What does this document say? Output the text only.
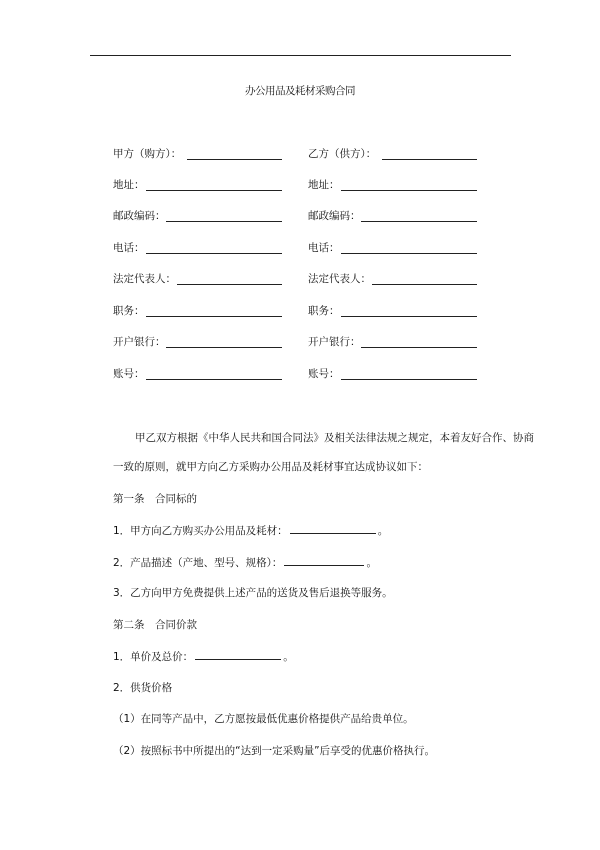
办公用品及耗材采购合同
甲方（购方）：	乙方（供方）：
地址：	地址：
邮政编码：	邮政编码：
电话：	电话：
法定代表人：	法定代表人：
职务：	职务：
开户银行：	开户银行：
账号：	账号：
甲乙双方根据《中华人民共和国合同法》及相关法律法规之规定，本着友好合作、协商
一致的原则，就甲方向乙方采购办公用品及耗材事宜达成协议如下：
第一条　合同标的
1．甲方向乙方购买办公用品及耗材：	。
2．产品描述（产地、型号、规格）：	。
3．乙方向甲方免费提供上述产品的送货及售后退换等服务。
第二条　合同价款
1．单价及总价：	。
2．供货价格
（1）在同等产品中，乙方愿按最低优惠价格提供产品给贵单位。
（2）按照标书中所提出的“达到一定采购量”后享受的优惠价格执行。
